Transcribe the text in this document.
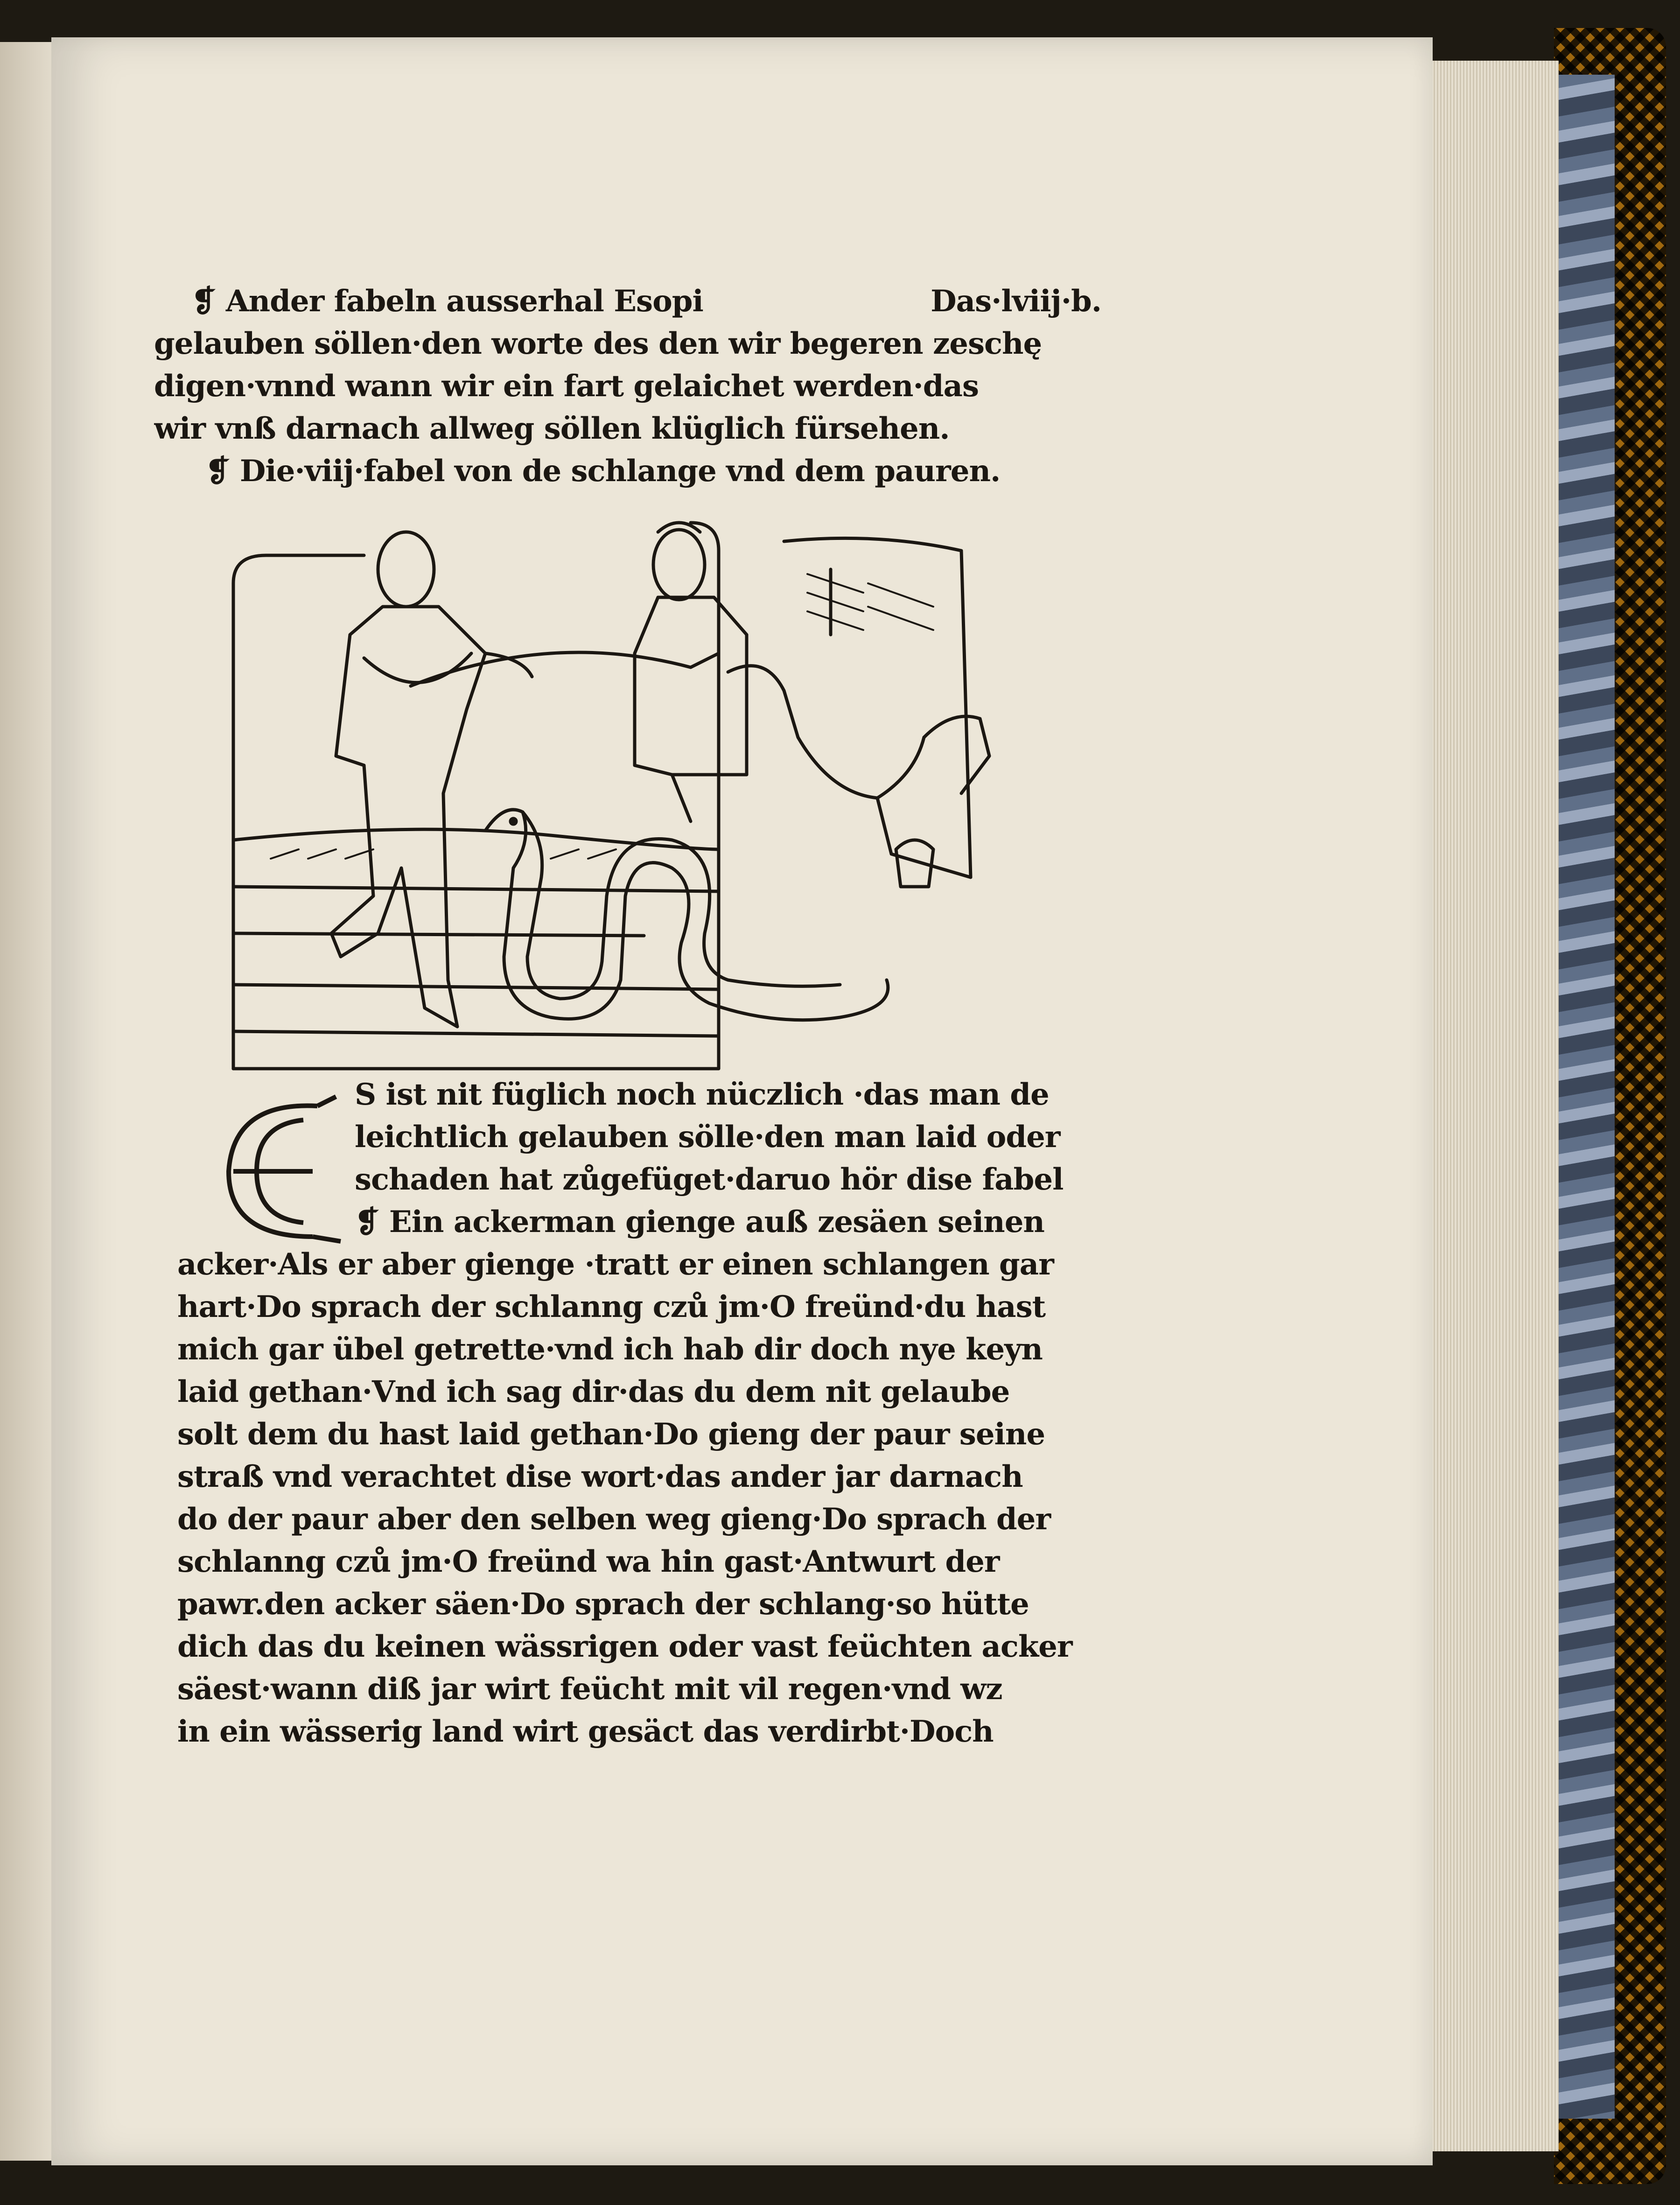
❡ Ander fabeln ausserhal Esopi	Das·lviij·b.
gelauben söllen·den worte des den wir begeren zeschę
digen·vnnd wann wir ein fart gelaichet werden·das
wir vnß darnach allweg söllen klüglich fürsehen.
❡ Die·viij·fabel von de schlange vnd dem pauren.
E
S ist nit füglich noch nüczlich ·das man de
leichtlich gelauben sölle·den man laid oder
schaden hat zůgefüget·daruo hör dise fabel
❡ Ein ackerman gienge auß zesäen seinen
acker·Als er aber gienge ·tratt er einen schlangen gar
hart·Do sprach der schlanng czů jm·O freünd·du hast
mich gar übel getrette·vnd ich hab dir doch nye keyn
laid gethan·Vnd ich sag dir·das du dem nit gelaube
solt dem du hast laid gethan·Do gieng der paur seine
straß vnd verachtet dise wort·das ander jar darnach
do der paur aber den selben weg gieng·Do sprach der
schlanng czů jm·O freünd wa hin gast·Antwurt der
pawr.den acker säen·Do sprach der schlang·so hütte
dich das du keinen wässrigen oder vast feüchten acker
säest·wann diß jar wirt feücht mit vil regen·vnd wz
in ein wässerig land wirt gesäct das verdirbt·Doch
